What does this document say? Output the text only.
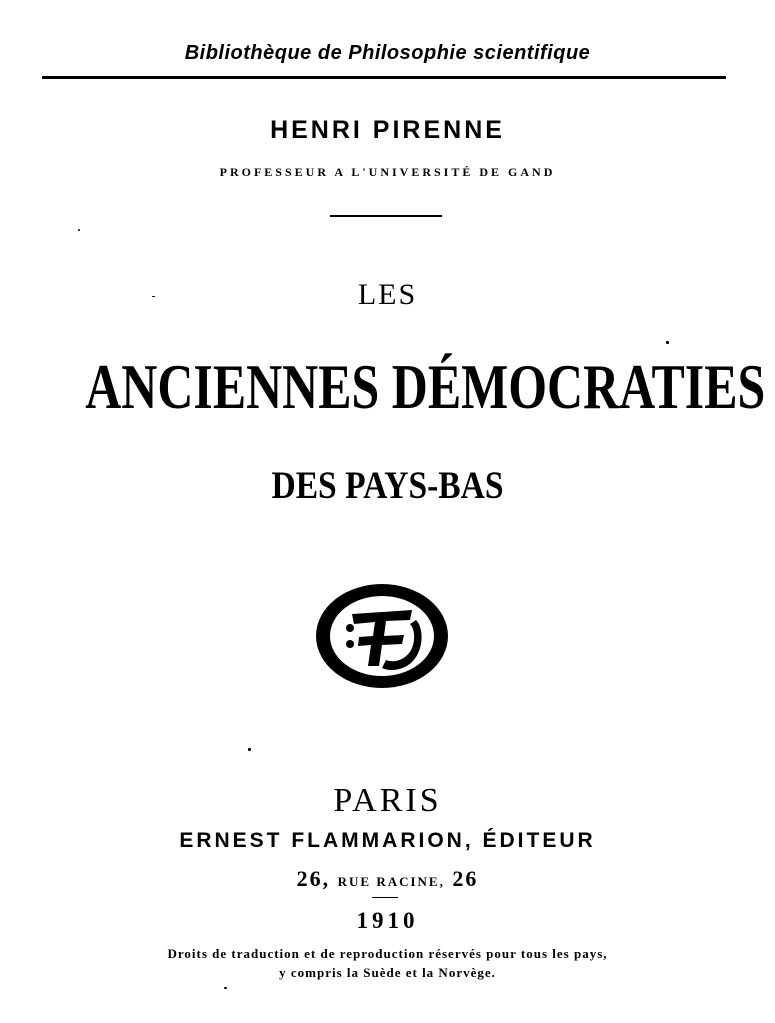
Bibliothèque de Philosophie scientifique
HENRI PIRENNE
PROFESSEUR A L'UNIVERSITÉ DE GAND
LES
ANCIENNES DÉMOCRATIES
DES PAYS-BAS
PARIS
ERNEST FLAMMARION, ÉDITEUR
26, RUE RACINE, 26
1910
Droits de traduction et de reproduction réservés pour tous les pays,
y compris la Suède et la Norvège.
